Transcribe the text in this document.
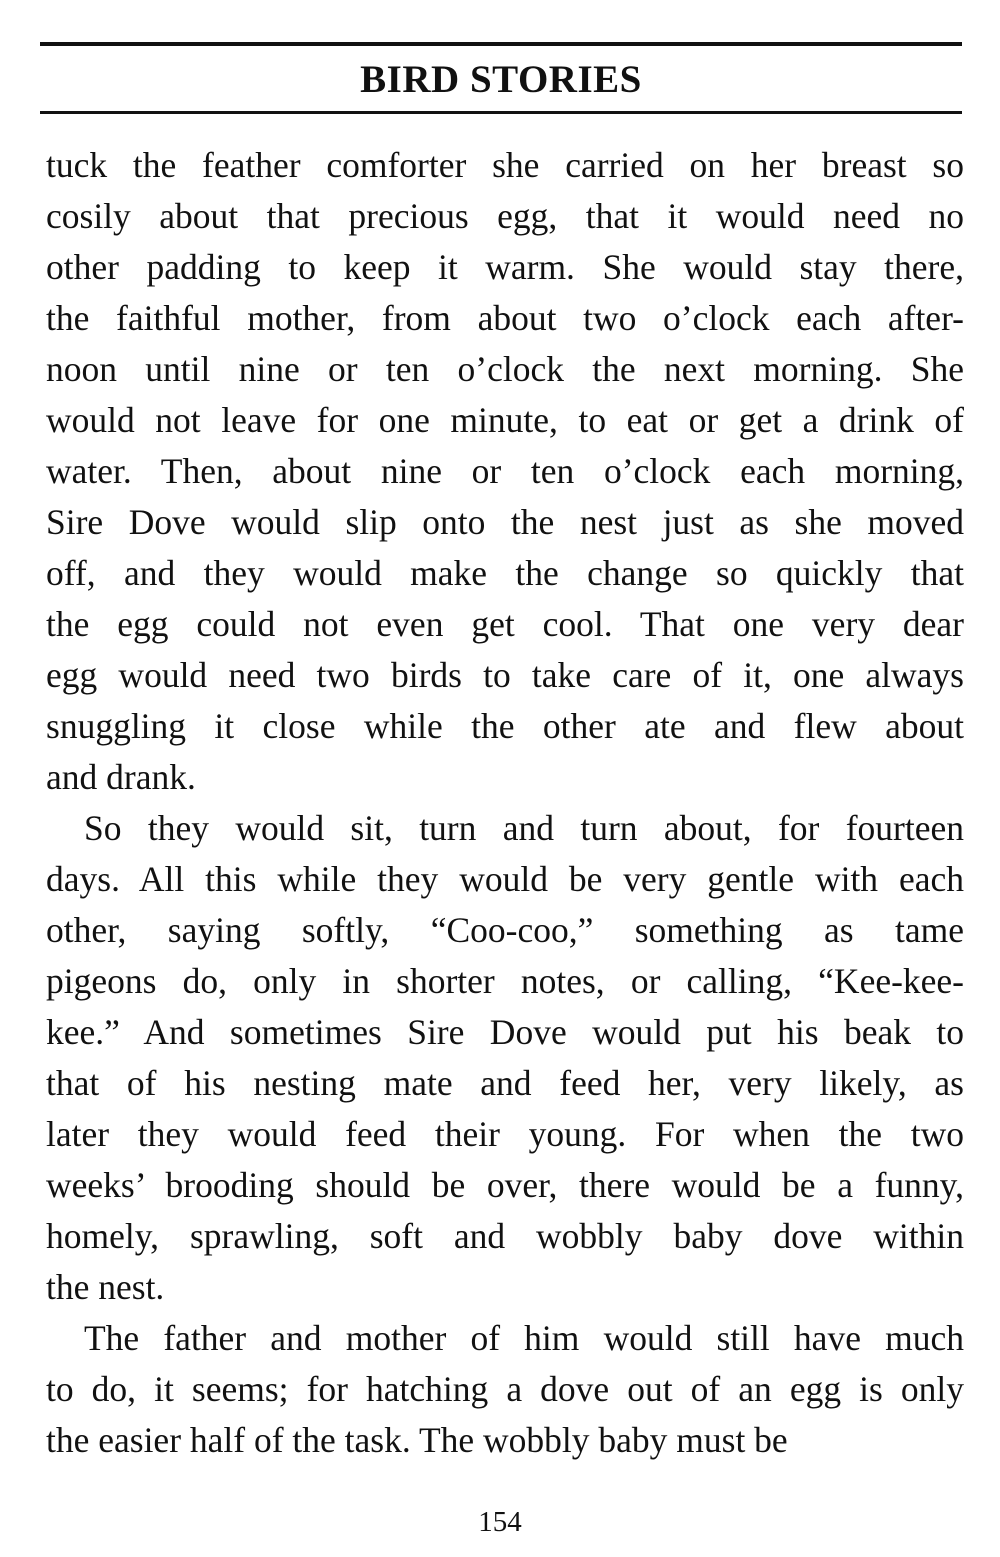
BIRD STORIES

tuck the feather comforter she carried on her breast so
cosily about that precious egg, that it would need no
other padding to keep it warm. She would stay there,
the faithful mother, from about two o’clock each after-
noon until nine or ten o’clock the next morning. She
would not leave for one minute, to eat or get a drink of
water. Then, about nine or ten o’clock each morning,
Sire Dove would slip onto the nest just as she moved
off, and they would make the change so quickly that
the egg could not even get cool. That one very dear
egg would need two birds to take care of it, one always
snuggling it close while the other ate and flew about
and drank.

So they would sit, turn and turn about, for fourteen
days. All this while they would be very gentle with each
other, saying softly, “Coo-coo,” something as tame
pigeons do, only in shorter notes, or calling, “Kee-kee-
kee.” And sometimes Sire Dove would put his beak to
that of his nesting mate and feed her, very likely, as
later they would feed their young. For when the two
weeks’ brooding should be over, there would be a funny,
homely, sprawling, soft and wobbly baby dove within
the nest.

The father and mother of him would still have much
to do, it seems; for hatching a dove out of an egg is only
the easier half of the task. The wobbly baby must be

154
